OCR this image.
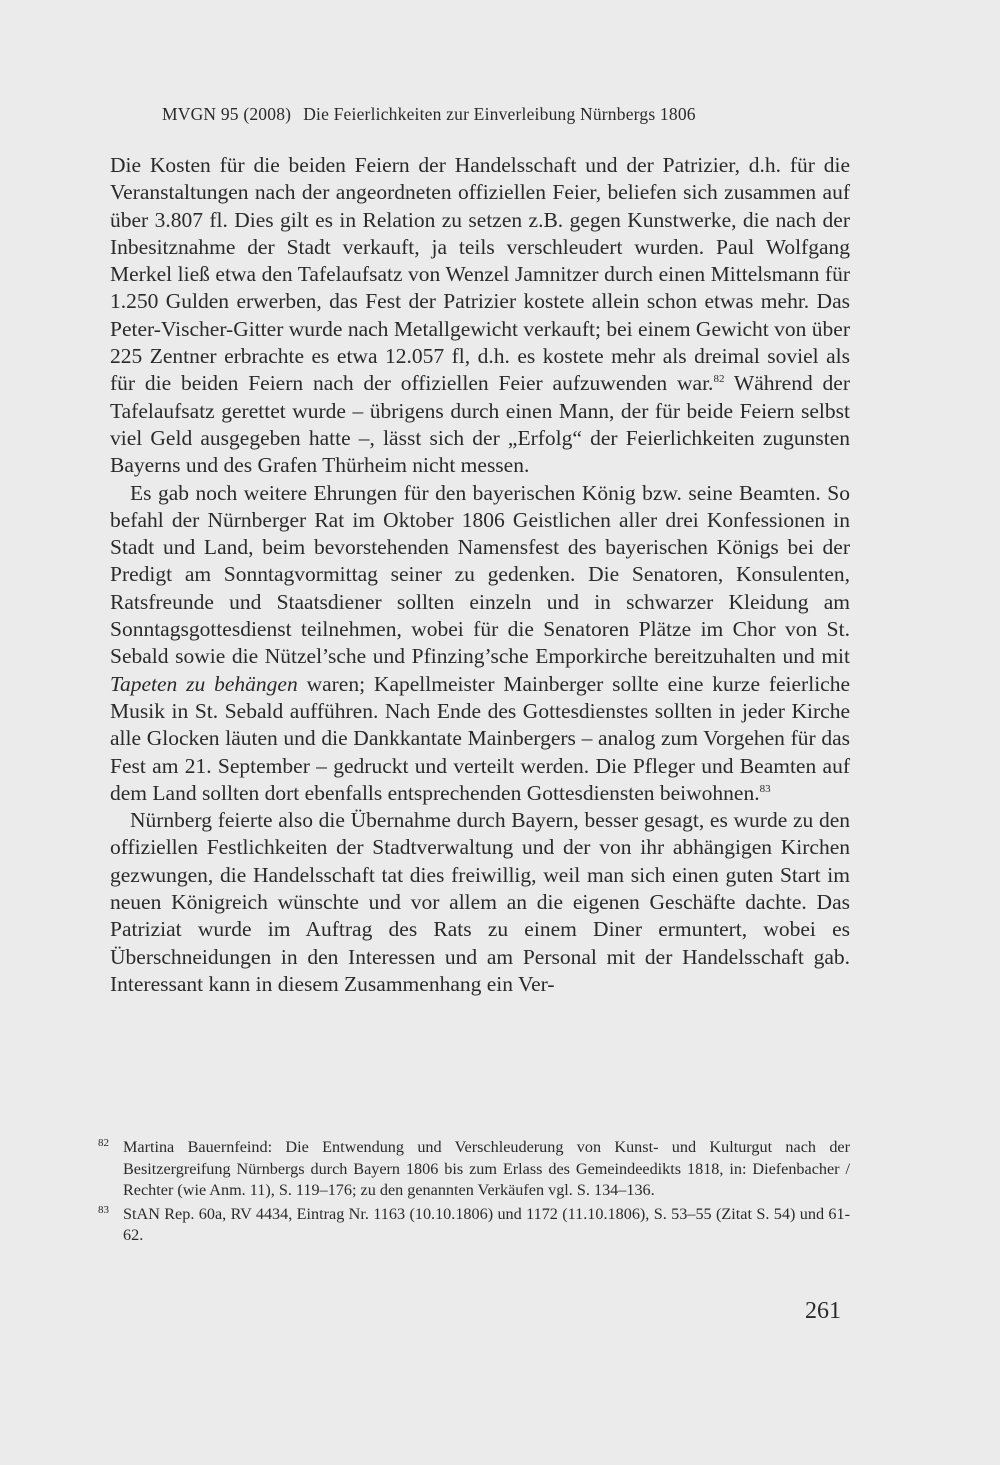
MVGN 95 (2008) Die Feierlichkeiten zur Einverleibung Nürnbergs 1806

Die Kosten für die beiden Feiern der Handelsschaft und der Patrizier, d.h. für die Veranstaltungen nach der angeordneten offiziellen Feier, beliefen sich zusammen auf über 3.807 fl. Dies gilt es in Relation zu setzen z.B. gegen Kunstwerke, die nach der Inbesitznahme der Stadt verkauft, ja teils verschleudert wurden. Paul Wolfgang Merkel ließ etwa den Tafelaufsatz von Wenzel Jamnitzer durch einen Mittelsmann für 1.250 Gulden erwerben, das Fest der Patrizier kostete allein schon etwas mehr. Das Peter-Vischer-Gitter wurde nach Metallgewicht verkauft; bei einem Gewicht von über 225 Zentner erbrachte es etwa 12.057 fl, d.h. es kostete mehr als dreimal soviel als für die beiden Feiern nach der offiziellen Feier aufzuwenden war.$^{82}$ Während der Tafelaufsatz gerettet wurde – übrigens durch einen Mann, der für beide Feiern selbst viel Geld ausgegeben hatte –, lässt sich der „Erfolg“ der Feierlichkeiten zugunsten Bayerns und des Grafen Thürheim nicht messen.

Es gab noch weitere Ehrungen für den bayerischen König bzw. seine Beamten. So befahl der Nürnberger Rat im Oktober 1806 Geistlichen aller drei Konfessionen in Stadt und Land, beim bevorstehenden Namensfest des bayerischen Königs bei der Predigt am Sonntagvormittag seiner zu gedenken. Die Senatoren, Konsulenten, Ratsfreunde und Staatsdiener sollten einzeln und in schwarzer Kleidung am Sonntagsgottesdienst teilnehmen, wobei für die Senatoren Plätze im Chor von St. Sebald sowie die Nützel’sche und Pfinzing’sche Emporkirche bereitzuhalten und mit Tapeten zu behängen waren; Kapellmeister Mainberger sollte eine kurze feierliche Musik in St. Sebald aufführen. Nach Ende des Gottesdienstes sollten in jeder Kirche alle Glocken läuten und die Dankkantate Mainbergers – analog zum Vorgehen für das Fest am 21. September – gedruckt und verteilt werden. Die Pfleger und Beamten auf dem Land sollten dort ebenfalls entsprechenden Gottesdiensten beiwohnen.$^{83}$

Nürnberg feierte also die Übernahme durch Bayern, besser gesagt, es wurde zu den offiziellen Festlichkeiten der Stadtverwaltung und der von ihr abhängigen Kirchen gezwungen, die Handelsschaft tat dies freiwillig, weil man sich einen guten Start im neuen Königreich wünschte und vor allem an die eigenen Geschäfte dachte. Das Patriziat wurde im Auftrag des Rats zu einem Diner ermuntert, wobei es Überschneidungen in den Interessen und am Personal mit der Handelsschaft gab. Interessant kann in diesem Zusammenhang ein Ver-

82 Martina Bauernfeind: Die Entwendung und Verschleuderung von Kunst- und Kulturgut nach der Besitzergreifung Nürnbergs durch Bayern 1806 bis zum Erlass des Gemeindeedikts 1818, in: Diefenbacher / Rechter (wie Anm. 11), S. 119–176; zu den genannten Verkäufen vgl. S. 134–136.
83 StAN Rep. 60a, RV 4434, Eintrag Nr. 1163 (10.10.1806) und 1172 (11.10.1806), S. 53–55 (Zitat S. 54) und 61-62.
261
